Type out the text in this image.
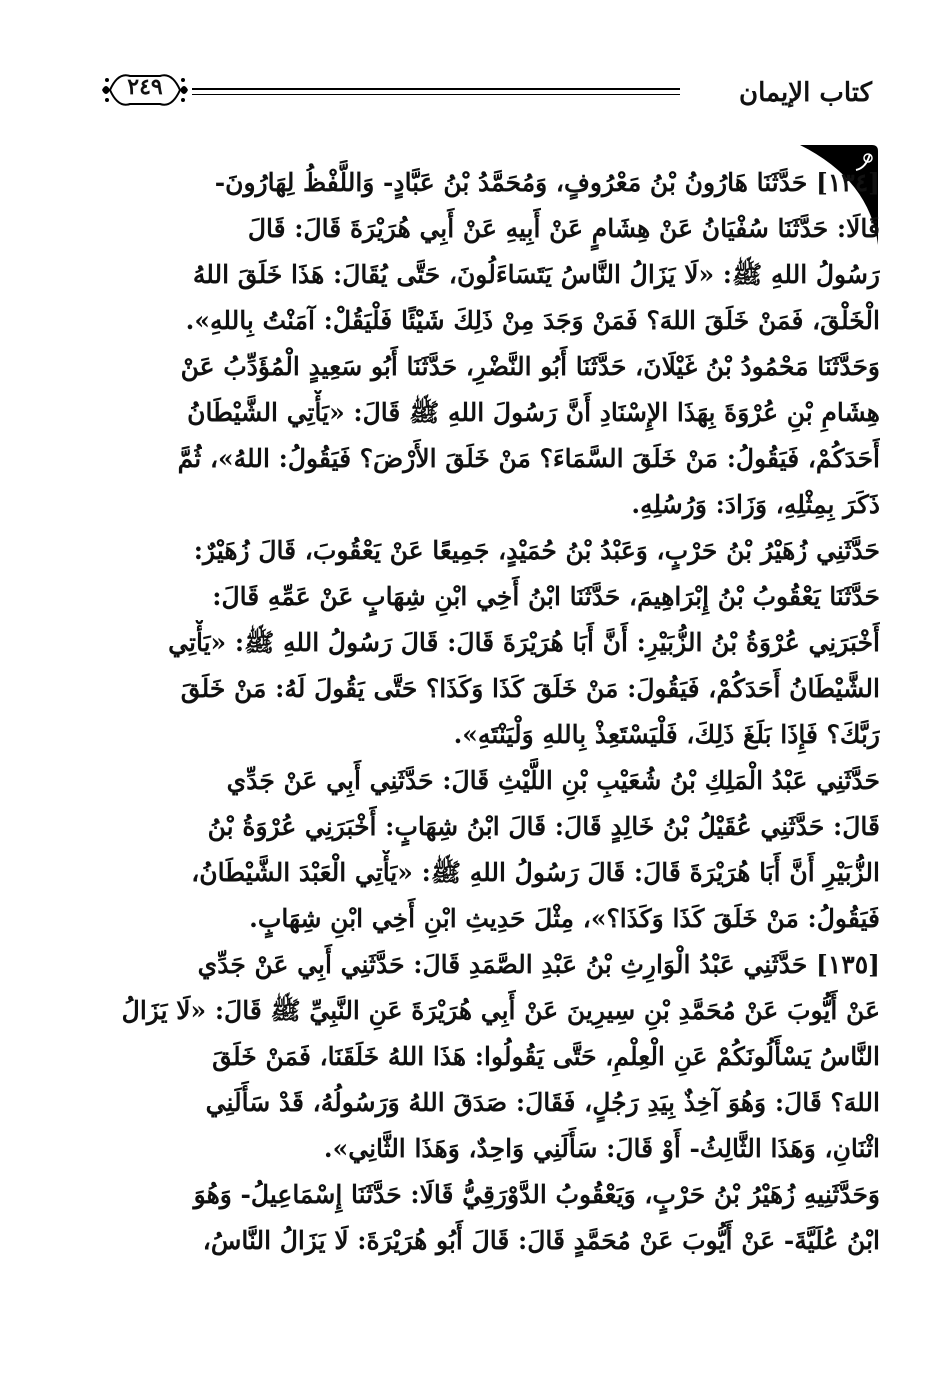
كتاب الإيمان
٢٤٩
[١٣٤] حَدَّثَنَا هَارُونُ بْنُ مَعْرُوفٍ، وَمُحَمَّدُ بْنُ عَبَّادٍ- وَاللَّفْظُ لِهَارُونَ-
قَالَا: حَدَّثَنَا سُفْيَانُ عَنْ هِشَامٍ عَنْ أَبِيهِ عَنْ أَبِي هُرَيْرَةَ قَالَ: قَالَ
رَسُولُ اللهِ ﷺ: «لَا يَزَالُ النَّاسُ يَتَسَاءَلُونَ، حَتَّى يُقَالَ: هَذَا خَلَقَ اللهُ
الْخَلْقَ، فَمَنْ خَلَقَ اللهَ؟ فَمَنْ وَجَدَ مِنْ ذَلِكَ شَيْئًا فَلْيَقُلْ: آمَنْتُ بِاللهِ».
وَحَدَّثَنَا مَحْمُودُ بْنُ غَيْلَانَ، حَدَّثَنَا أَبُو النَّضْرِ، حَدَّثَنَا أَبُو سَعِيدٍ الْمُؤَدِّبُ عَنْ
هِشَامِ بْنِ عُرْوَةَ بِهَذَا الإِسْنَادِ أَنَّ رَسُولَ اللهِ ﷺ قَالَ: «يَأْتِي الشَّيْطَانُ
أَحَدَكُمْ، فَيَقُولُ: مَنْ خَلَقَ السَّمَاءَ؟ مَنْ خَلَقَ الأَرْضَ؟ فَيَقُولُ: اللهُ»، ثُمَّ
ذَكَرَ بِمِثْلِهِ، وَزَادَ: وَرُسُلِهِ.
حَدَّثَنِي زُهَيْرُ بْنُ حَرْبٍ، وَعَبْدُ بْنُ حُمَيْدٍ، جَمِيعًا عَنْ يَعْقُوبَ، قَالَ زُهَيْرٌ:
حَدَّثَنَا يَعْقُوبُ بْنُ إِبْرَاهِيمَ، حَدَّثَنَا ابْنُ أَخِي ابْنِ شِهَابٍ عَنْ عَمِّهِ قَالَ:
أَخْبَرَنِي عُرْوَةُ بْنُ الزُّبَيْرِ: أَنَّ أَبَا هُرَيْرَةَ قَالَ: قَالَ رَسُولُ اللهِ ﷺ: «يَأْتِي
الشَّيْطَانُ أَحَدَكُمْ، فَيَقُولَ: مَنْ خَلَقَ كَذَا وَكَذَا؟ حَتَّى يَقُولَ لَهُ: مَنْ خَلَقَ
رَبَّكَ؟ فَإِذَا بَلَغَ ذَلِكَ، فَلْيَسْتَعِذْ بِاللهِ وَلْيَنْتَهِ».
حَدَّثَنِي عَبْدُ الْمَلِكِ بْنُ شُعَيْبِ بْنِ اللَّيْثِ قَالَ: حَدَّثَنِي أَبِي عَنْ جَدِّي
قَالَ: حَدَّثَنِي عُقَيْلُ بْنُ خَالِدٍ قَالَ: قَالَ ابْنُ شِهَابٍ: أَخْبَرَنِي عُرْوَةُ بْنُ
الزُّبَيْرِ أَنَّ أَبَا هُرَيْرَةَ قَالَ: قَالَ رَسُولُ اللهِ ﷺ: «يَأْتِي الْعَبْدَ الشَّيْطَانُ،
فَيَقُولُ: مَنْ خَلَقَ كَذَا وَكَذَا؟»، مِثْلَ حَدِيثِ ابْنِ أَخِي ابْنِ شِهَابٍ.
[١٣٥] حَدَّثَنِي عَبْدُ الْوَارِثِ بْنُ عَبْدِ الصَّمَدِ قَالَ: حَدَّثَنِي أَبِي عَنْ جَدِّي
عَنْ أَيُّوبَ عَنْ مُحَمَّدِ بْنِ سِيرِينَ عَنْ أَبِي هُرَيْرَةَ عَنِ النَّبِيِّ ﷺ قَالَ: «لَا يَزَالُ
النَّاسُ يَسْأَلُونَكُمْ عَنِ الْعِلْمِ، حَتَّى يَقُولُوا: هَذَا اللهُ خَلَقَنَا، فَمَنْ خَلَقَ
اللهَ؟ قَالَ: وَهُوَ آخِذٌ بِيَدِ رَجُلٍ، فَقَالَ: صَدَقَ اللهُ وَرَسُولُهُ، قَدْ سَأَلَنِي
اثْنَانِ، وَهَذَا الثَّالِثُ- أَوْ قَالَ: سَأَلَنِي وَاحِدٌ، وَهَذَا الثَّانِي».
وَحَدَّثَنِيهِ زُهَيْرُ بْنُ حَرْبٍ، وَيَعْقُوبُ الدَّوْرَقِيُّ قَالَا: حَدَّثَنَا إِسْمَاعِيلُ- وَهُوَ
ابْنُ عُلَيَّةَ- عَنْ أَيُّوبَ عَنْ مُحَمَّدٍ قَالَ: قَالَ أَبُو هُرَيْرَةَ: لَا يَزَالُ النَّاسُ،
